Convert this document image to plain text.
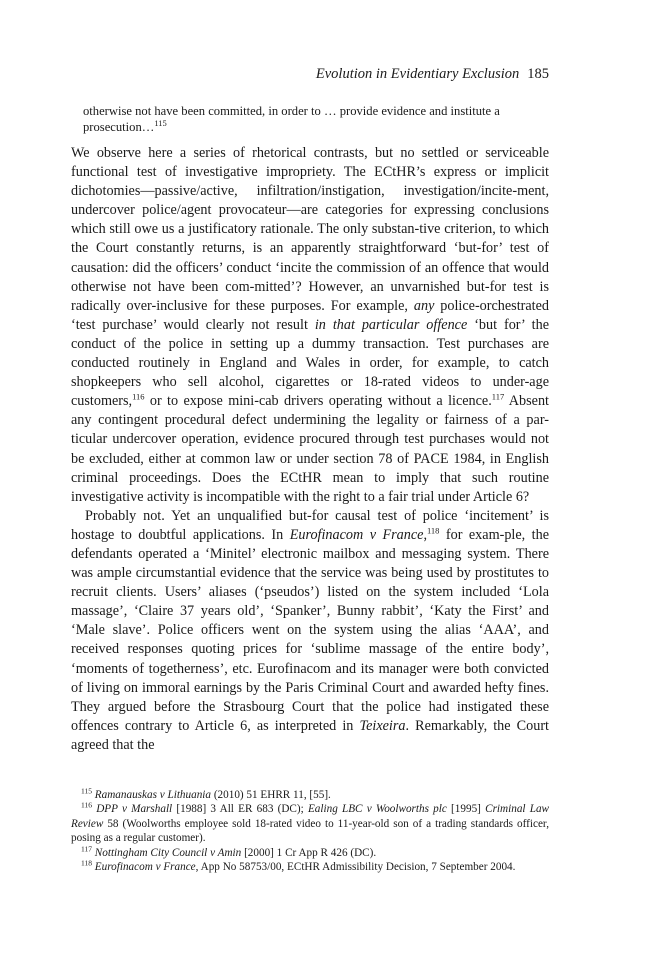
Evolution in Evidentiary Exclusion 185
otherwise not have been committed, in order to … provide evidence and institute a prosecution…$^{115}$

We observe here a series of rhetorical contrasts, but no settled or serviceable functional test of investigative impropriety. The ECtHR’s express or implicit dichotomies—passive/active, infiltration/instigation, investigation/incite-ment, undercover police/agent provocateur—are categories for expressing conclusions which still owe us a justificatory rationale. The only substan-tive criterion, to which the Court constantly returns, is an apparently straightforward ‘but-for’ test of causation: did the officers’ conduct ‘incite the commission of an offence that would otherwise not have been com-mitted’? However, an unvarnished but-for test is radically over-inclusive for these purposes. For example, any police-orchestrated ‘test purchase’ would clearly not result in that particular offence ‘but for’ the conduct of the police in setting up a dummy transaction. Test purchases are conducted routinely in England and Wales in order, for example, to catch shopkeepers who sell alcohol, cigarettes or 18-rated videos to under-age customers,$^{116}$ or to expose mini-cab drivers operating without a licence.$^{117}$ Absent any contingent procedural defect undermining the legality or fairness of a par-ticular undercover operation, evidence procured through test purchases would not be excluded, either at common law or under section 78 of PACE 1984, in English criminal proceedings. Does the ECtHR mean to imply that such routine investigative activity is incompatible with the right to a fair trial under Article 6?

Probably not. Yet an unqualified but-for causal test of police ‘incitement’ is hostage to doubtful applications. In Eurofinacom v France,$^{118}$ for exam-ple, the defendants operated a ‘Minitel’ electronic mailbox and messaging system. There was ample circumstantial evidence that the service was being used by prostitutes to recruit clients. Users’ aliases (‘pseudos’) listed on the system included ‘Lola massage’, ‘Claire 37 years old’, ‘Spanker’, Bunny rabbit’, ‘Katy the First’ and ‘Male slave’. Police officers went on the system using the alias ‘AAA’, and received responses quoting prices for ‘sublime massage of the entire body’, ‘moments of togetherness’, etc. Eurofinacom and its manager were both convicted of living on immoral earnings by the Paris Criminal Court and awarded hefty fines. They argued before the Strasbourg Court that the police had instigated these offences contrary to Article 6, as interpreted in Teixeira. Remarkably, the Court agreed that the

$^{115}$ Ramanauskas v Lithuania (2010) 51 EHRR 11, [55].

$^{116}$ DPP v Marshall [1988] 3 All ER 683 (DC); Ealing LBC v Woolworths plc [1995] Criminal Law Review 58 (Woolworths employee sold 18-rated video to 11-year-old son of a trading standards officer, posing as a regular customer).

$^{117}$ Nottingham City Council v Amin [2000] 1 Cr App R 426 (DC).

$^{118}$ Eurofinacom v France, App No 58753/00, ECtHR Admissibility Decision, 7 September 2004.
